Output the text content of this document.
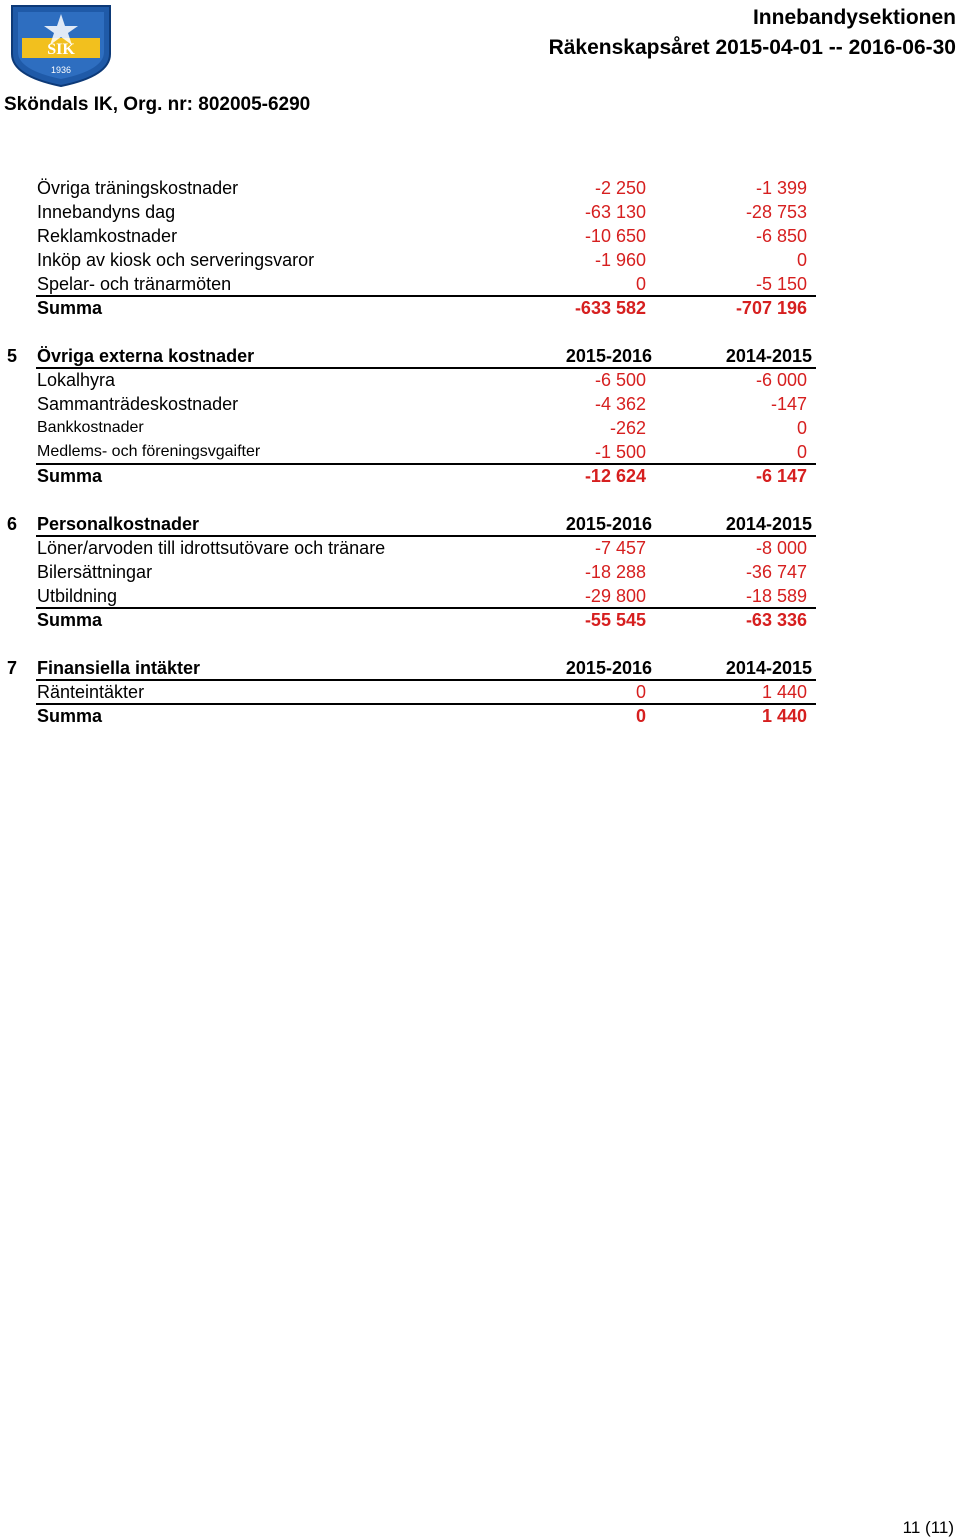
SIK
1936
Innebandysektionen
Räkenskapsåret 2015-04-01 -- 2016-06-30
Sköndals IK, Org. nr: 802005-6290
Övriga träningskostnader	-2 250	-1 399
Innebandyns dag	-63 130	-28 753
Reklamkostnader	-10 650	-6 850
Inköp av kiosk och serveringsvaror	-1 960	0
Spelar- och tränarmöten	0	-5 150
Summa	-633 582	-707 196
5 Övriga externa kostnader	2015-2016	2014-2015
Lokalhyra	-6 500	-6 000
Sammanträdeskostnader	-4 362	-147
Bankkostnader	-262	0
Medlems- och föreningsvgaifter	-1 500	0
Summa	-12 624	-6 147
6 Personalkostnader	2015-2016	2014-2015
Löner/arvoden till idrottsutövare och tränare	-7 457	-8 000
Bilersättningar	-18 288	-36 747
Utbildning	-29 800	-18 589
Summa	-55 545	-63 336
7 Finansiella intäkter	2015-2016	2014-2015
Ränteintäkter	0	1 440
Summa	0	1 440
11 (11)
